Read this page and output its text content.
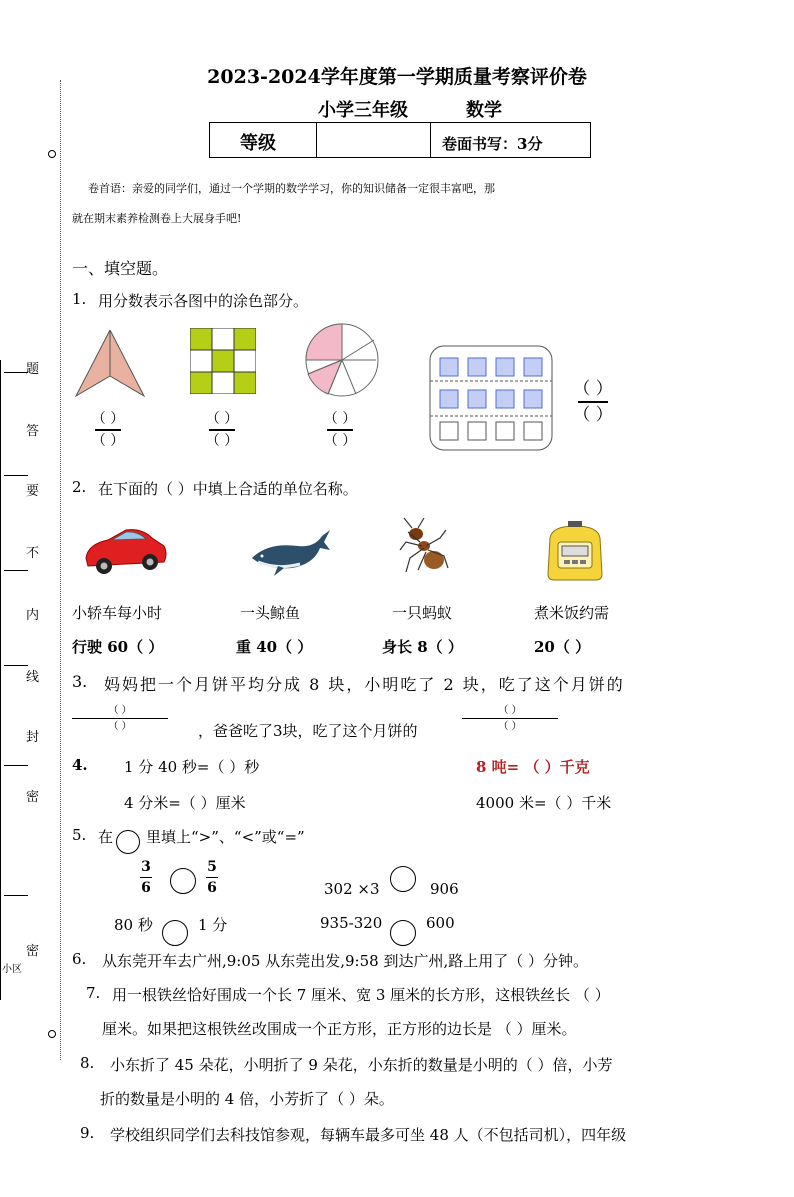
题
答
要
不
内
线
封
密
密
小区
2023-2024学年度第一学期质量考察评价卷
小学三年级	数学
等级	卷面书写：3分
卷首语：亲爱的同学们，通过一个学期的数学学习，你的知识储备一定很丰富吧，那
就在期末素养检测卷上大展身手吧!
一、填空题。
1. 用分数表示各图中的涂色部分。
（ ）
（ ）
（ ）
（ ）
（ ）
（ ）
（ ）
（ ）
2. 在下面的（ ）中填上合适的单位名称。
小轿车每小时	一头鲸鱼	一只蚂蚁	煮米饭约需
行驶 60（ ）	重 40（ ）	身长 8（ ）	20（ ）
3. 妈妈把一个月饼平均分成 8 块，小明吃了 2 块，吃了这个月饼的
（ ）
（ ）	，爸爸吃了3块，吃了这个月饼的
（ ）
（ ）
4. 1 分 40 秒=（ ）秒	8 吨= （ ）千克
4 分米=（ ）厘米	4000 米=（ ）千米
5. 在 里填上“>”、“<”或“=”
3
6
5
6	302 ×3	906
80 秒	1 分	935-320	600
6. 从东莞开车去广州,9:05 从东莞出发,9:58 到达广州,路上用了（ ）分钟。
7. 用一根铁丝恰好围成一个长 7 厘米、宽 3 厘米的长方形，这根铁丝长 （ ）
厘米。如果把这根铁丝改围成一个正方形，正方形的边长是 （ ）厘米。
8. 小东折了 45 朵花，小明折了 9 朵花，小东折的数量是小明的（ ）倍，小芳
折的数量是小明的 4 倍，小芳折了（ ）朵。
9. 学校组织同学们去科技馆参观，每辆车最多可坐 48 人（不包括司机），四年级
